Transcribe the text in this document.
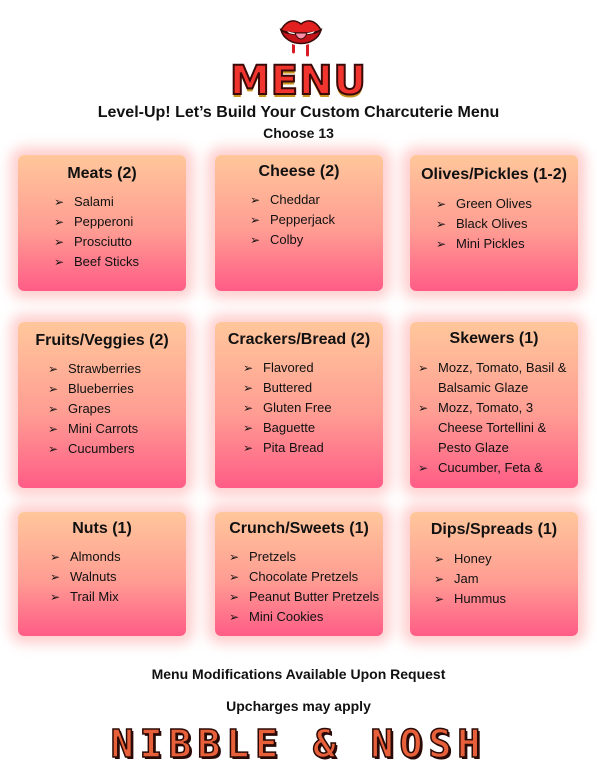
MENU
Level-Up! Let’s Build Your Custom Charcuterie Menu
Choose 13
Meats (2)
➢ Salami
➢ Pepperoni
➢ Prosciutto
➢ Beef Sticks
Cheese (2)
➢ Cheddar
➢ Pepperjack
➢ Colby
Olives/Pickles (1-2)
➢ Green Olives
➢ Black Olives
➢ Mini Pickles
Fruits/Veggies (2)
➢ Strawberries
➢ Blueberries
➢ Grapes
➢ Mini Carrots
➢ Cucumbers
Crackers/Bread (2)
➢ Flavored
➢ Buttered
➢ Gluten Free
➢ Baguette
➢ Pita Bread
Skewers (1)
➢ Mozz, Tomato, Basil & Balsamic Glaze
➢ Mozz, Tomato, 3 Cheese Tortellini & Pesto Glaze
➢ Cucumber, Feta &
Nuts (1)
➢ Almonds
➢ Walnuts
➢ Trail Mix
Crunch/Sweets (1)
➢ Pretzels
➢ Chocolate Pretzels
➢ Peanut Butter Pretzels
➢ Mini Cookies
Dips/Spreads (1)
➢ Honey
➢ Jam
➢ Hummus
Menu Modifications Available Upon Request
Upcharges may apply
NIBBLE & NOSH
